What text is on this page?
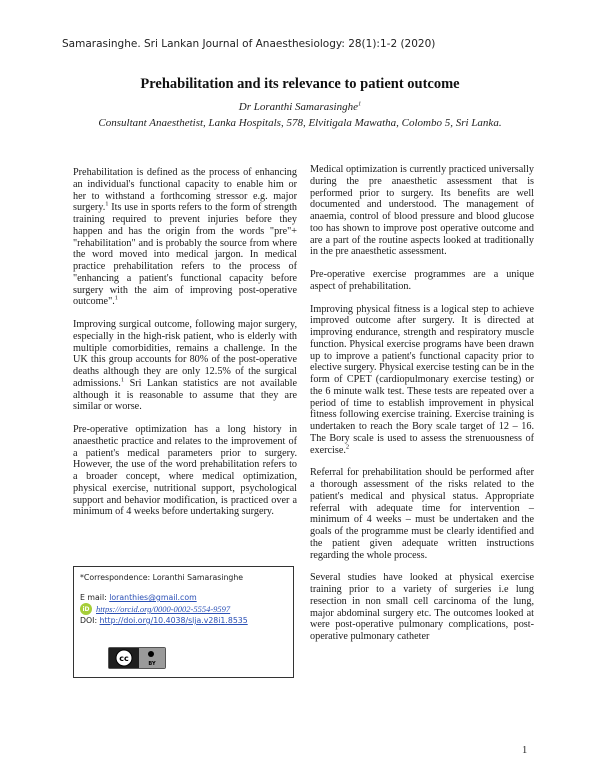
Samarasinghe. Sri Lankan Journal of Anaesthesiology: 28(1):1-2 (2020)
Prehabilitation and its relevance to patient outcome
Dr Loranthi Samarasinghe$^1$
Consultant Anaesthetist, Lanka Hospitals, 578, Elvitigala Mawatha, Colombo 5, Sri Lanka.

Prehabilitation is defined as the process of enhancing an individual's functional capacity to enable him or her to withstand a forthcoming stressor e.g. major surgery.$^1$ Its use in sports refers to the form of strength training required to prevent injuries before they happen and has the origin from the words "pre"+ "rehabilitation" and is probably the source from where the word moved into medical jargon. In medical practice prehabilitation refers to the process of "enhancing a patient's functional capacity before surgery with the aim of improving post-operative outcome".$^1$

Improving surgical outcome, following major surgery, especially in the high-risk patient, who is elderly with multiple comorbidities, remains a challenge. In the UK this group accounts for 80% of the post-operative deaths although they are only 12.5% of the surgical admissions.$^1$ Sri Lankan statistics are not available although it is reasonable to assume that they are similar or worse.

Pre-operative optimization has a long history in anaesthetic practice and relates to the improvement of a patient's medical parameters prior to surgery. However, the use of the word prehabilitation refers to a broader concept, where medical optimization, physical exercise, nutritional support, psychological support and behavior modification, is practiced over a minimum of 4 weeks before undertaking surgery.

Medical optimization is currently practiced universally during the pre anaesthetic assessment that is performed prior to surgery. Its benefits are well documented and understood. The management of anaemia, control of blood pressure and blood glucose too has shown to improve post operative outcome and are a part of the routine aspects looked at traditionally in the pre anaesthetic assessment.

Pre-operative exercise programmes are a unique aspect of prehabilitation.

Improving physical fitness is a logical step to achieve improved outcome after surgery. It is directed at improving endurance, strength and respiratory muscle function. Physical exercise programs have been drawn up to improve a patient's functional capacity prior to elective surgery. Physical exercise testing can be in the form of CPET (cardiopulmonary exercise testing) or the 6 minute walk test. These tests are repeated over a period of time to establish improvement in physical fitness following exercise training. Exercise training is undertaken to reach the Bory scale target of 12 – 16. The Bory scale is used to assess the strenuousness of exercise.$^2$

Referral for prehabilitation should be performed after a thorough assessment of the risks related to the patient's medical and physical status. Appropriate referral with adequate time for intervention – minimum of 4 weeks – must be undertaken and the goals of the programme must be clearly identified and the patient given adequate written instructions regarding the whole process.

Several studies have looked at physical exercise training prior to a variety of surgeries i.e lung resection in non small cell carcinoma of the lung, major abdominal surgery etc. The outcomes looked at were post-operative pulmonary complications, post-operative pulmonary catheter

*Correspondence: Loranthi Samarasinghe
E mail: loranthies@gmail.com
iD https://orcid.org/0000-0002-5554-9597
DOI: http://doi.org/10.4038/slja.v28i1.8535
cc
BY
1
